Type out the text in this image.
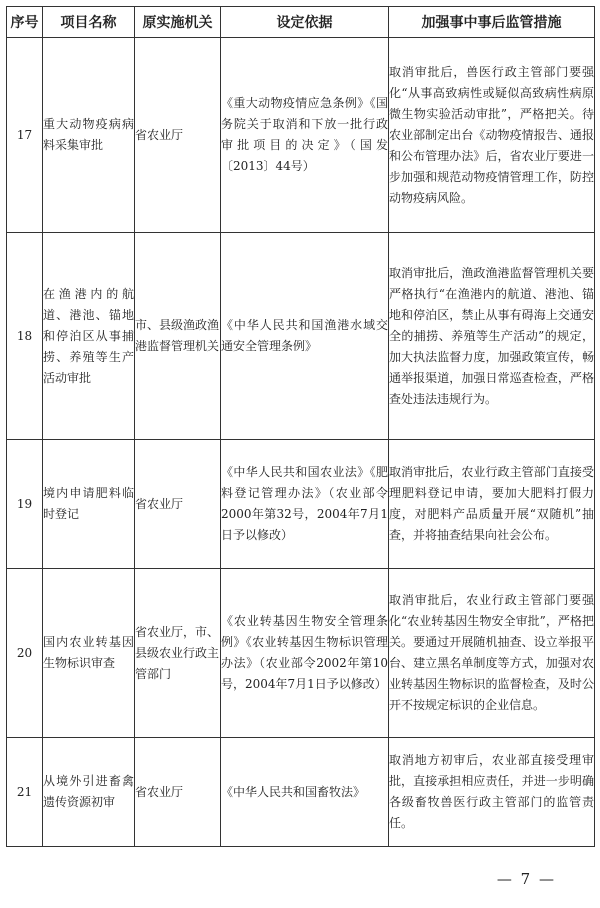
序号	项目名称	原实施机关	设定依据	加强事中事后监管措施
17	重大动物疫病病料采集审批	省农业厅	《重大动物疫情应急条例》《国务院关于取消和下放一批行政审批项目的决定》（国发〔2013〕44号）	取消审批后，兽医行政主管部门要强化“从事高致病性或疑似高致病性病原微生物实验活动审批”，严格把关。待农业部制定出台《动物疫情报告、通报和公布管理办法》后，省农业厅要进一步加强和规范动物疫情管理工作，防控动物疫病风险。
18	在渔港内的航道、港池、锚地和停泊区从事捕捞、养殖等生产活动审批	市、县级渔政渔港监督管理机关	《中华人民共和国渔港水域交通安全管理条例》	取消审批后，渔政渔港监督管理机关要严格执行“在渔港内的航道、港池、锚地和停泊区，禁止从事有碍海上交通安全的捕捞、养殖等生产活动”的规定，加大执法监督力度，加强政策宣传，畅通举报渠道，加强日常巡查检查，严格查处违法违规行为。
19	境内申请肥料临时登记	省农业厅	《中华人民共和国农业法》《肥料登记管理办法》（农业部令2000年第32号，2004年7月1日予以修改）	取消审批后，农业行政主管部门直接受理肥料登记申请，要加大肥料打假力度，对肥料产品质量开展“双随机”抽查，并将抽查结果向社会公布。
20	国内农业转基因生物标识审查	省农业厅，市、县级农业行政主管部门	《农业转基因生物安全管理条例》《农业转基因生物标识管理办法》（农业部令2002年第10号，2004年7月1日予以修改）	取消审批后，农业行政主管部门要强化“农业转基因生物安全审批”，严格把关。要通过开展随机抽查、设立举报平台、建立黑名单制度等方式，加强对农业转基因生物标识的监督检查，及时公开不按规定标识的企业信息。
21	从境外引进畜禽遗传资源初审	省农业厅	《中华人民共和国畜牧法》	取消地方初审后，农业部直接受理审批，直接承担相应责任，并进一步明确各级畜牧兽医行政主管部门的监管责任。
— 7 —
